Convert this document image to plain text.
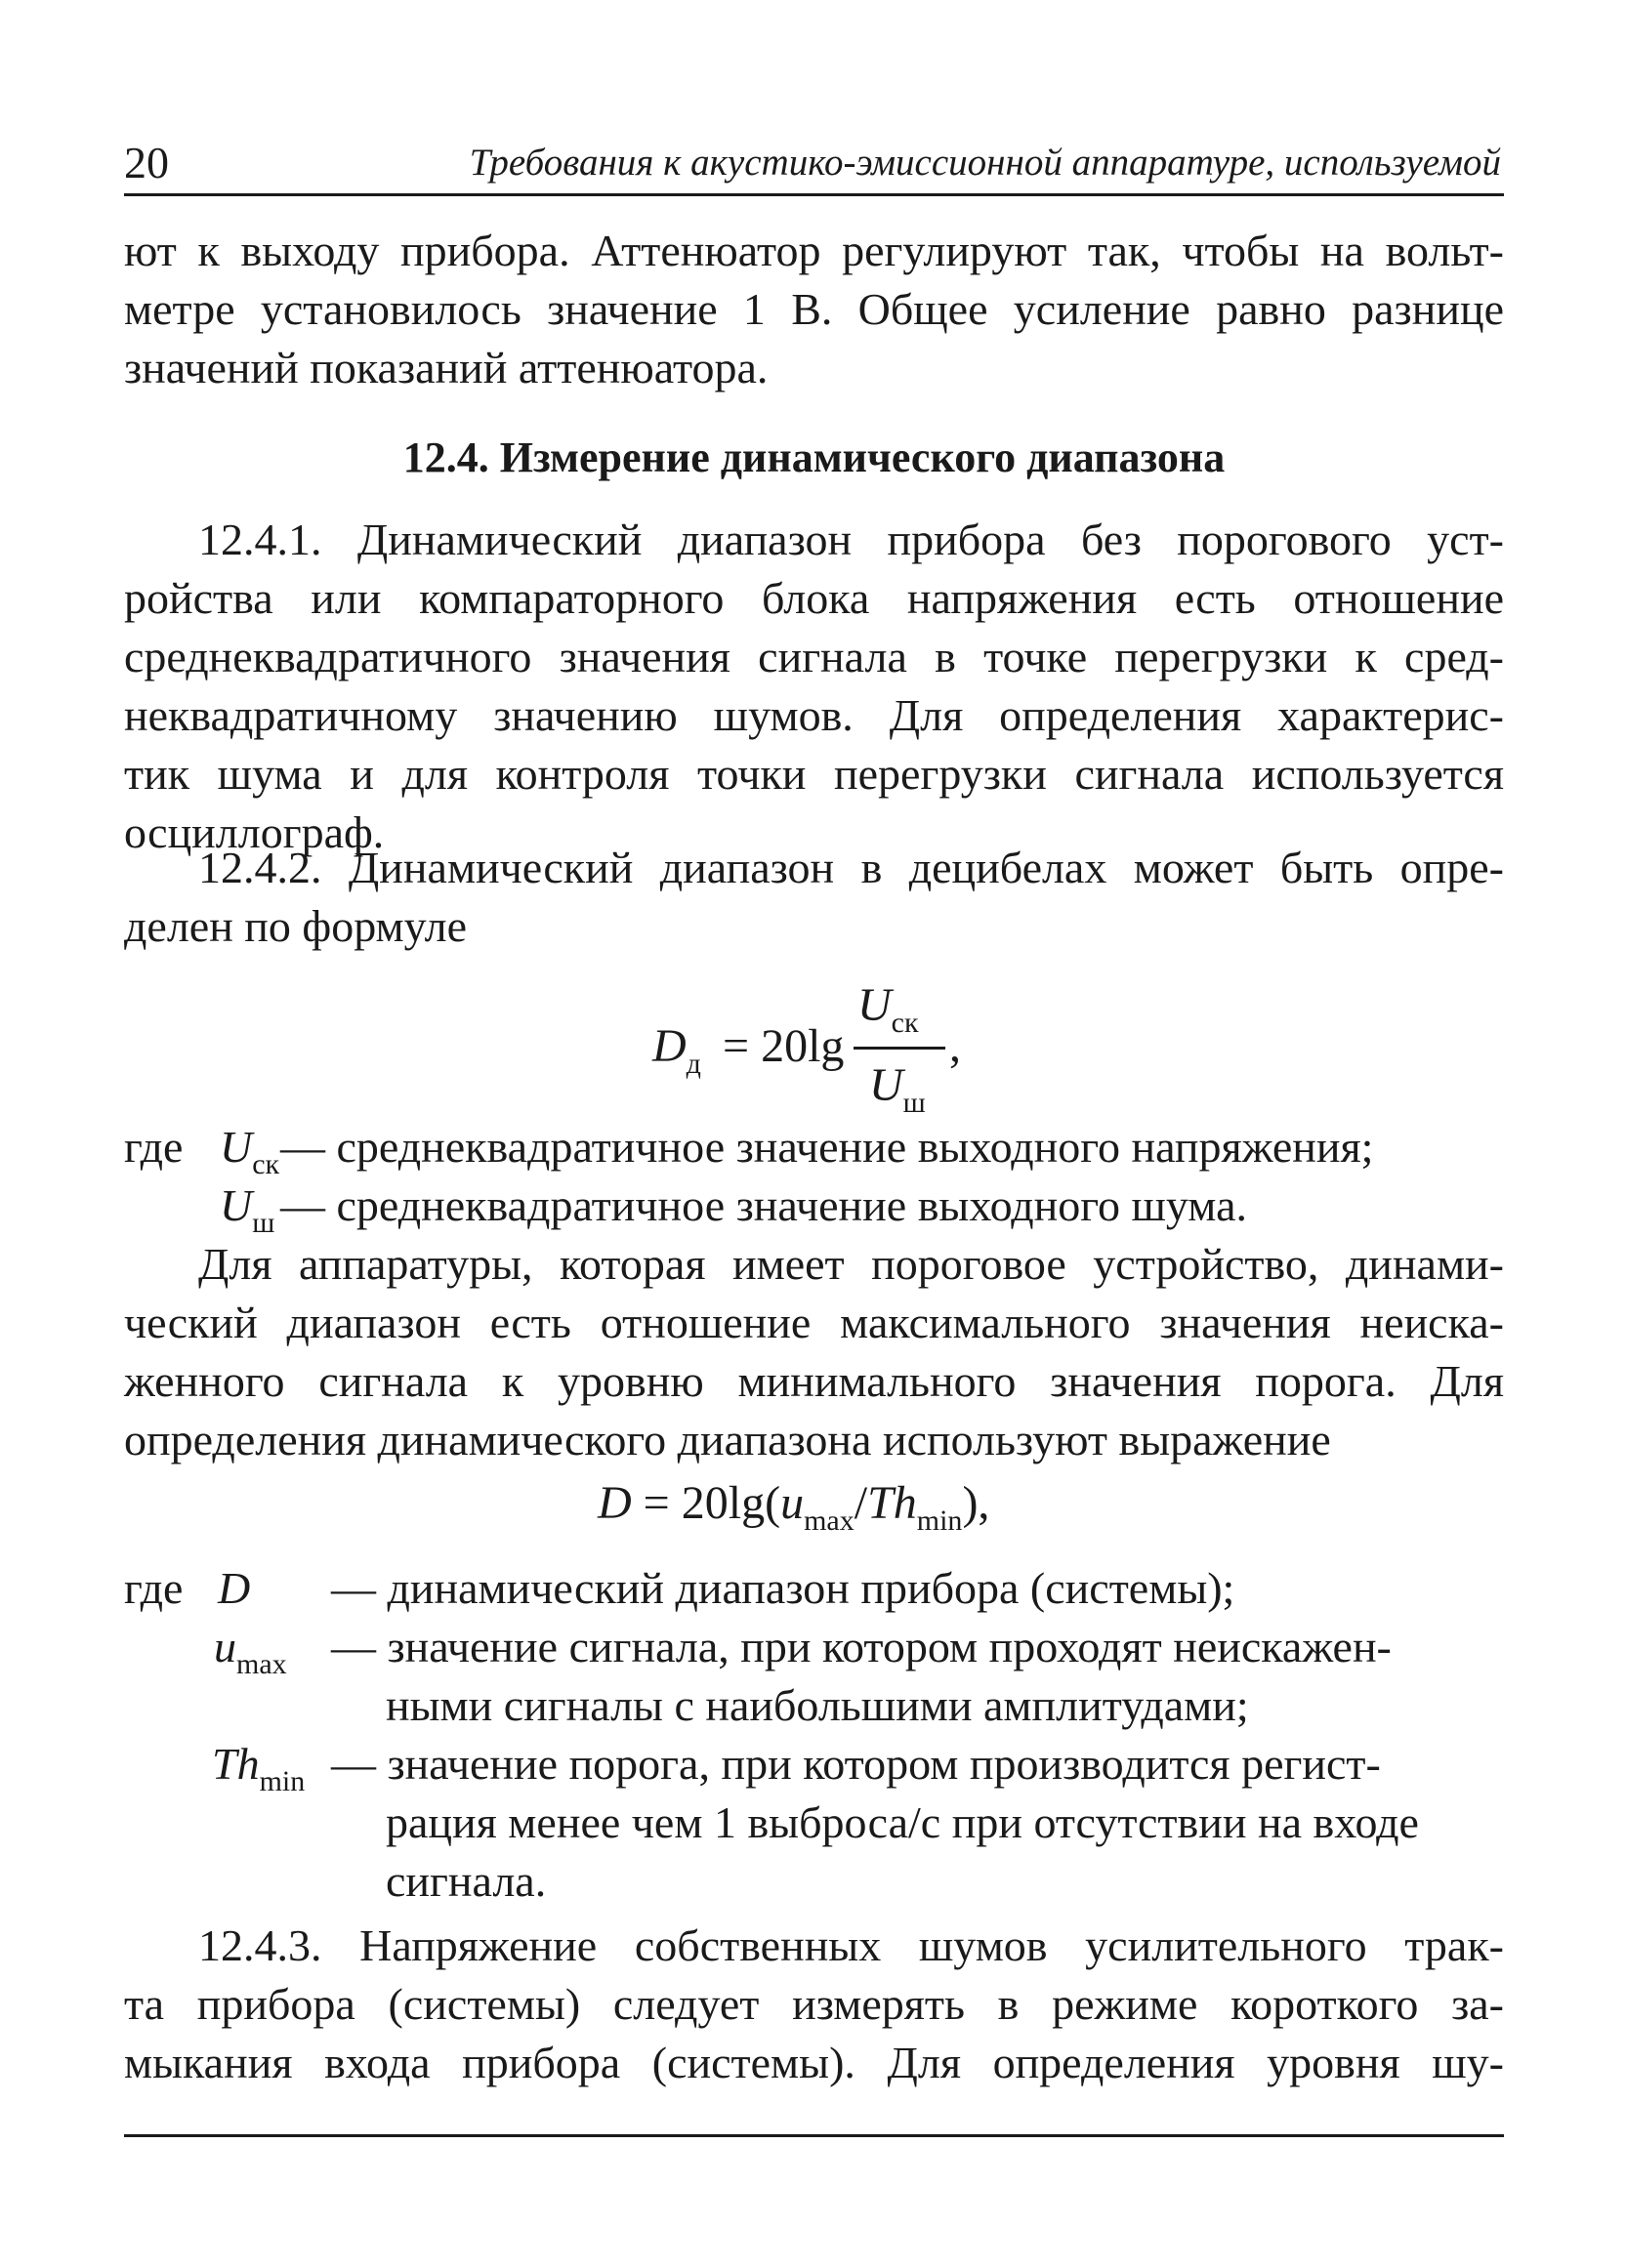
20	Требования к акустико-эмиссионной аппаратуре, используемой
ют к выходу прибора. Аттенюатор регулируют так, чтобы на вольт-
метре установилось значение 1 В. Общее усиление равно разнице
значений показаний аттенюатора.
12.4. Измерение динамического диапазона
12.4.1. Динамический диапазон прибора без порогового уст-
ройства или компараторного блока напряжения есть отношение
среднеквадратичного значения сигнала в точке перегрузки к сред-
неквадратичному значению шумов. Для определения характерис-
тик шума и для контроля точки перегрузки сигнала используется
осциллограф.
12.4.2. Динамический диапазон в децибелах может быть опре-
делен по формуле
$D_д = 20\lg$
$U_{ск}$
$U_ш$
,
где $U_{ск}$ — среднеквадратичное значение выходного напряжения;
$U_ш$ — среднеквадратичное значение выходного шума.
Для аппаратуры, которая имеет пороговое устройство, динами-
ческий диапазон есть отношение максимального значения неиска-
женного сигнала к уровню минимального значения порога. Для
определения динамического диапазона используют выражение
$D = 20\lg(u_{max}/Th_{min})$,
где D — динамический диапазон прибора (системы);
$u_{max}$ — значение сигнала, при котором проходят неискажен-
ными сигналы с наибольшими амплитудами;
$Th_{min}$ — значение порога, при котором производится регист-
рация менее чем 1 выброса/с при отсутствии на входе
сигнала.
12.4.3. Напряжение собственных шумов усилительного трак-
та прибора (системы) следует измерять в режиме короткого за-
мыкания входа прибора (системы). Для определения уровня шу-
